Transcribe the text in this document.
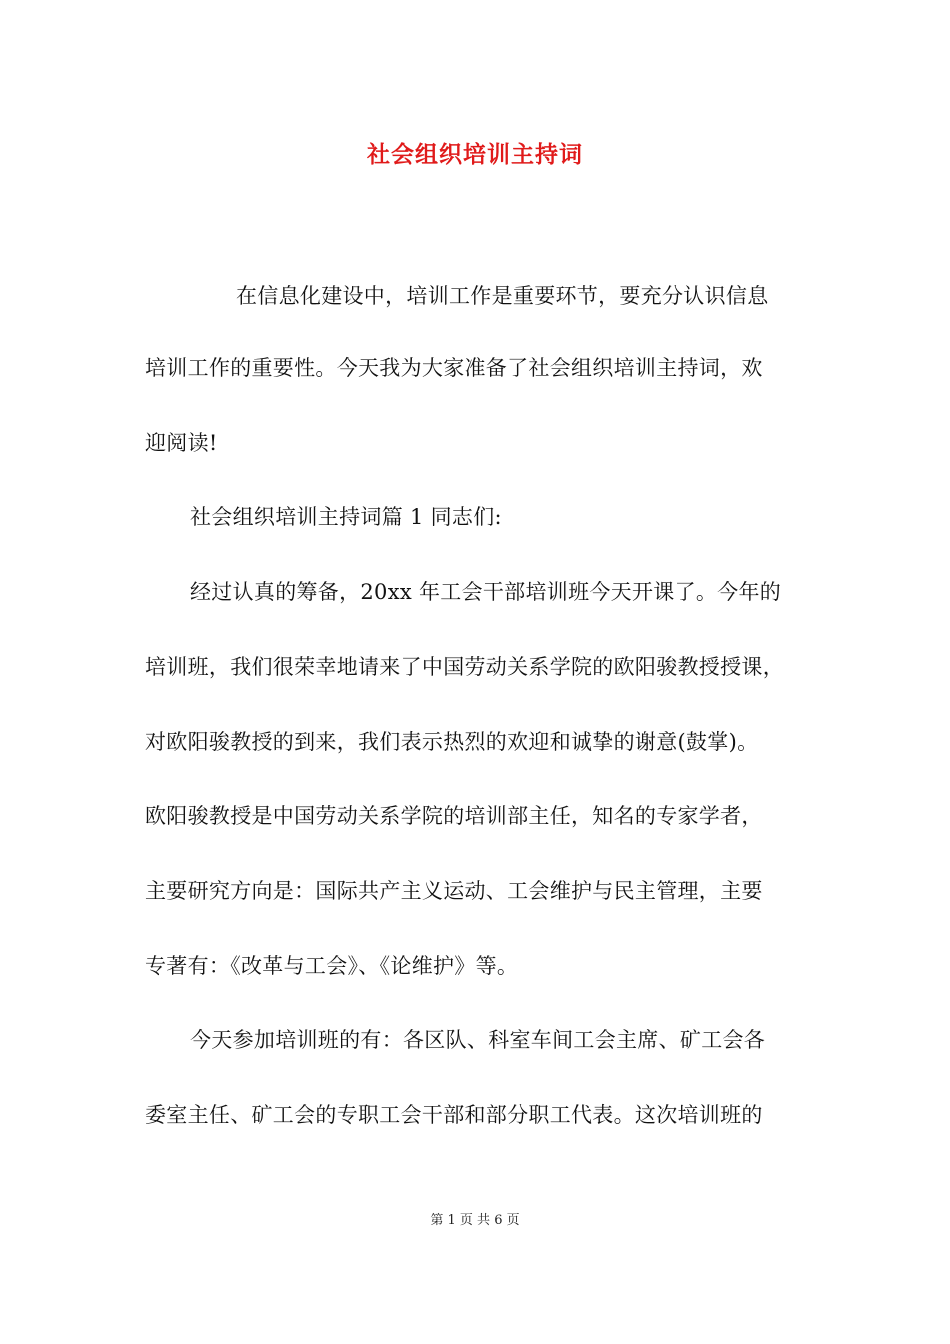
社会组织培训主持词
在信息化建设中，培训工作是重要环节，要充分认识信息
培训工作的重要性。今天我为大家准备了社会组织培训主持词，欢
迎阅读!
社会组织培训主持词篇 1 同志们:
经过认真的筹备，20xx 年工会干部培训班今天开课了。今年的
培训班，我们很荣幸地请来了中国劳动关系学院的欧阳骏教授授课，
对欧阳骏教授的到来，我们表示热烈的欢迎和诚挚的谢意(鼓掌)。
欧阳骏教授是中国劳动关系学院的培训部主任，知名的专家学者，
主要研究方向是：国际共产主义运动、工会维护与民主管理，主要
专著有：《改革与工会》、《论维护》等。
今天参加培训班的有：各区队、科室车间工会主席、矿工会各
委室主任、矿工会的专职工会干部和部分职工代表。这次培训班的
第 1 页 共 6 页
